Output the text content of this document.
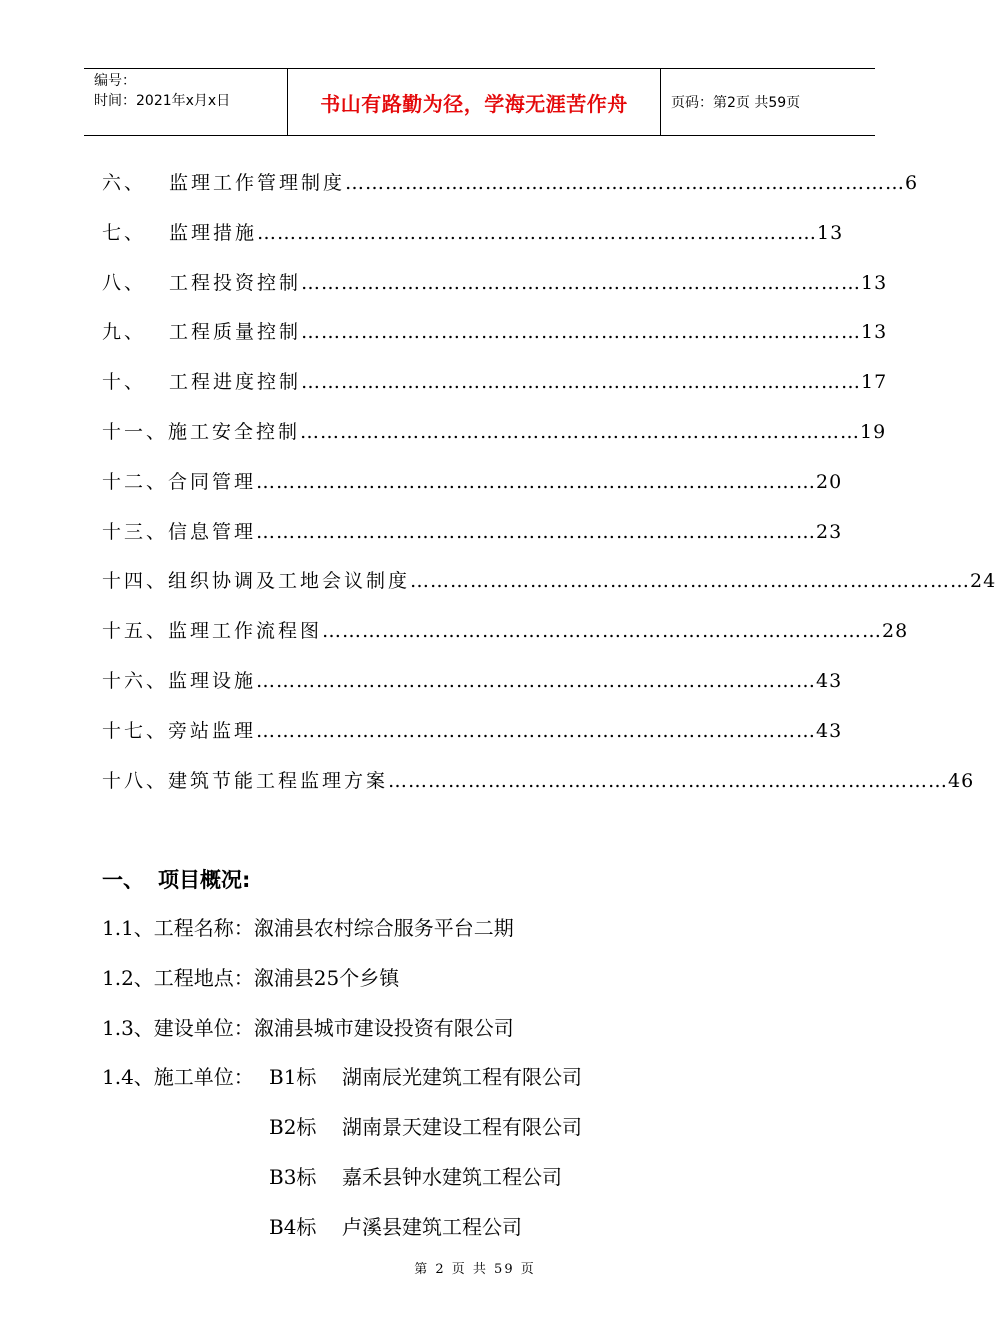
编号：
时间：2021年x月x日	书山有路勤为径，学海无涯苦作舟	页码：第2页 共59页
六、	监理工作管理制度 ………………………………………………………………………… 6
七、	监理措施 ………………………………………………………………………… 13
八、	工程投资控制 ………………………………………………………………………… 13
九、	工程质量控制 ………………………………………………………………………… 13
十、	工程进度控制 ………………………………………………………………………… 17
十一、 施工安全控制 ………………………………………………………………………… 19
十二、 合同管理 ………………………………………………………………………… 20
十三、 信息管理 ………………………………………………………………………… 23
十四、 组织协调及工地会议制度 ………………………………………………………………………… 24
十五、 监理工作流程图 ………………………………………………………………………… 28
十六、 监理设施 ………………………………………………………………………… 43
十七、 旁站监理 ………………………………………………………………………… 43
十八、 建筑节能工程监理方案 ………………………………………………………………………… 46
一、 项目概况:
1.1、工程名称： 溆浦县农村综合服务平台二期
1.2、工程地点： 溆浦县25个乡镇
1.3、建设单位： 溆浦县城市建设投资有限公司
1.4、施工单位： B1标	湖南辰光建筑工程有限公司
B2标	湖南景天建设工程有限公司
B3标	嘉禾县钟水建筑工程公司
B4标	卢溪县建筑工程公司
第 2 页 共 59 页
